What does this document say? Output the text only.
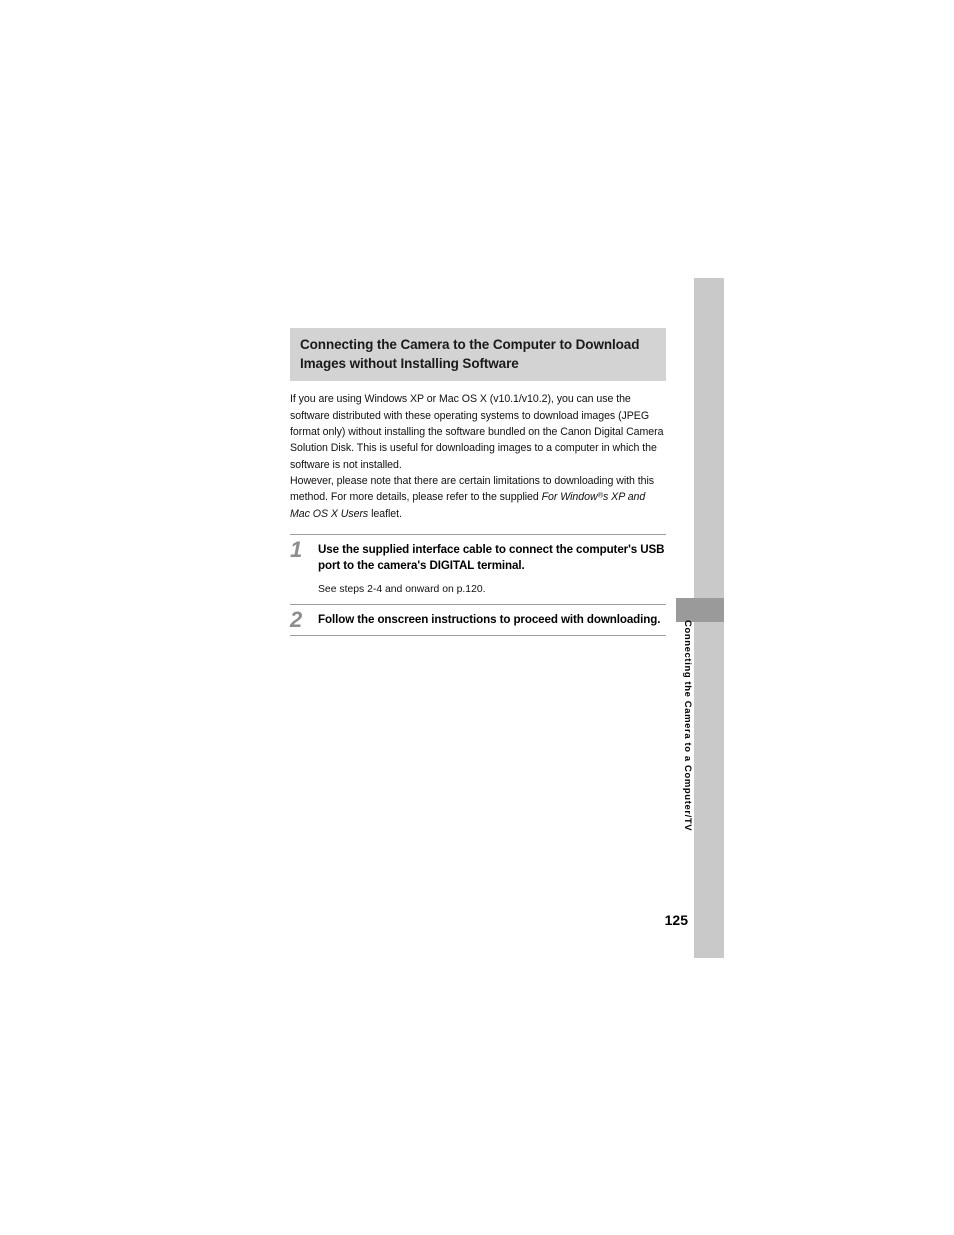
Connecting the Camera to a Computer/TV
125
Connecting the Camera to the Computer to Download Images without Installing Software

If you are using Windows XP or Mac OS X (v10.1/v10.2), you can use the software distributed with these operating systems to download images (JPEG format only) without installing the software bundled on the Canon Digital Camera Solution Disk. This is useful for downloading images to a computer in which the software is not installed.

However, please note that there are certain limitations to downloading with this method. For more details, please refer to the supplied For Window®s XP and Mac OS X Users leaflet.

1	Use the supplied interface cable to connect the computer's USB port to the camera's DIGITAL terminal.
See steps 2-4 and onward on p.120.
2	Follow the onscreen instructions to proceed with downloading.
